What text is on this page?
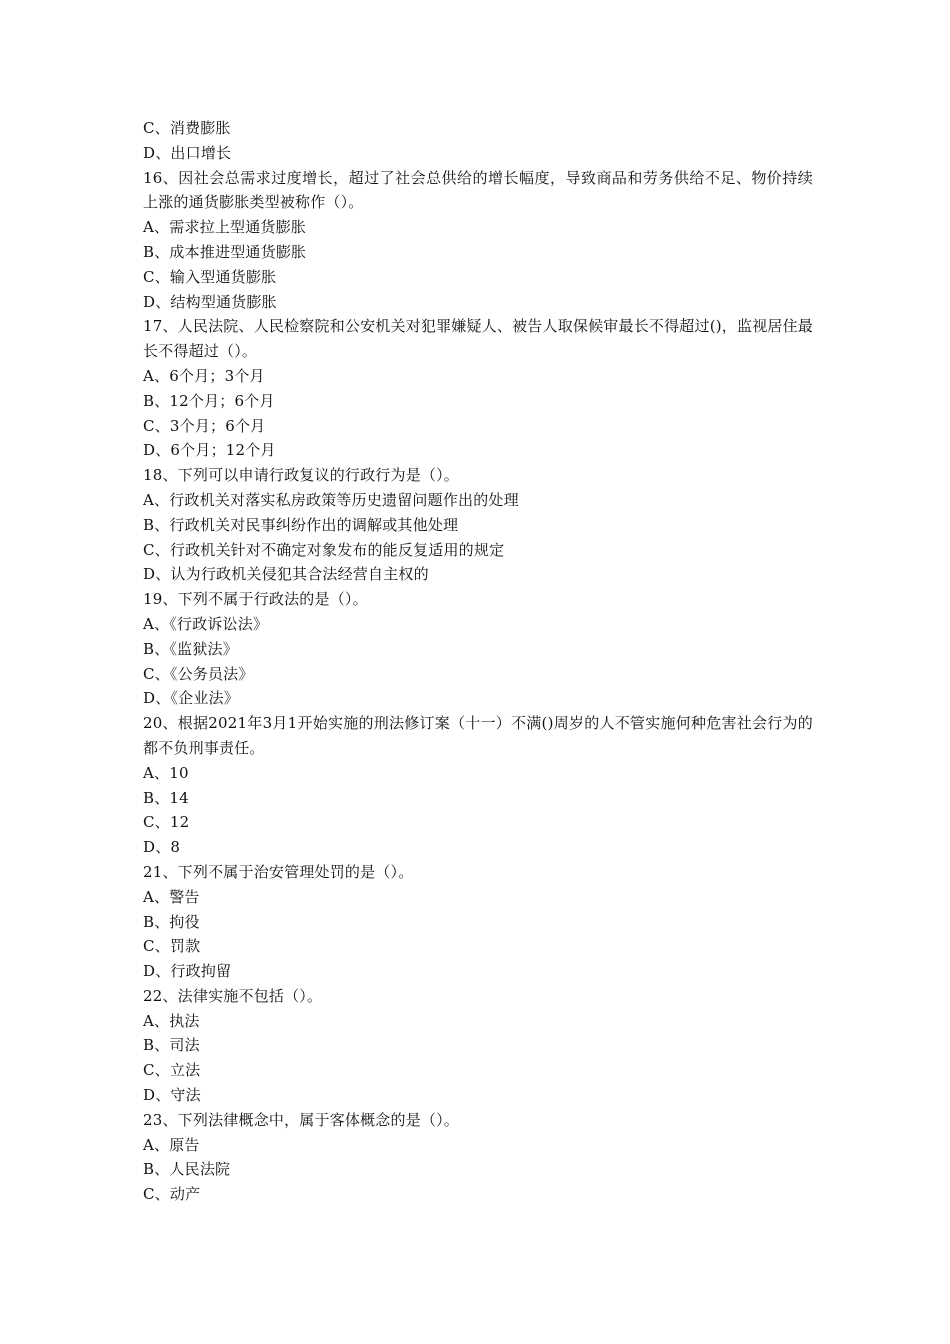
C、消费膨胀
D、出口增长
16、因社会总需求过度增长，超过了社会总供给的增长幅度，导致商品和劳务供给不足、物价持续上涨的通货膨胀类型被称作（）。
A、需求拉上型通货膨胀
B、成本推进型通货膨胀
C、输入型通货膨胀
D、结构型通货膨胀
17、人民法院、人民检察院和公安机关对犯罪嫌疑人、被告人取保候审最长不得超过()，监视居住最长不得超过（）。
A、6个月；3个月
B、12个月；6个月
C、3个月；6个月
D、6个月；12个月
18、下列可以申请行政复议的行政行为是（）。
A、行政机关对落实私房政策等历史遗留问题作出的处理
B、行政机关对民事纠纷作出的调解或其他处理
C、行政机关针对不确定对象发布的能反复适用的规定
D、认为行政机关侵犯其合法经营自主权的
19、下列不属于行政法的是（）。
A、《行政诉讼法》
B、《监狱法》
C、《公务员法》
D、《企业法》
20、根据2021年3月1开始实施的刑法修订案（十一）不满()周岁的人不管实施何种危害社会行为的都不负刑事责任。
A、10
B、14
C、12
D、8
21、下列不属于治安管理处罚的是（）。
A、警告
B、拘役
C、罚款
D、行政拘留
22、法律实施不包括（）。
A、执法
B、司法
C、立法
D、守法
23、下列法律概念中，属于客体概念的是（）。
A、原告
B、人民法院
C、动产
